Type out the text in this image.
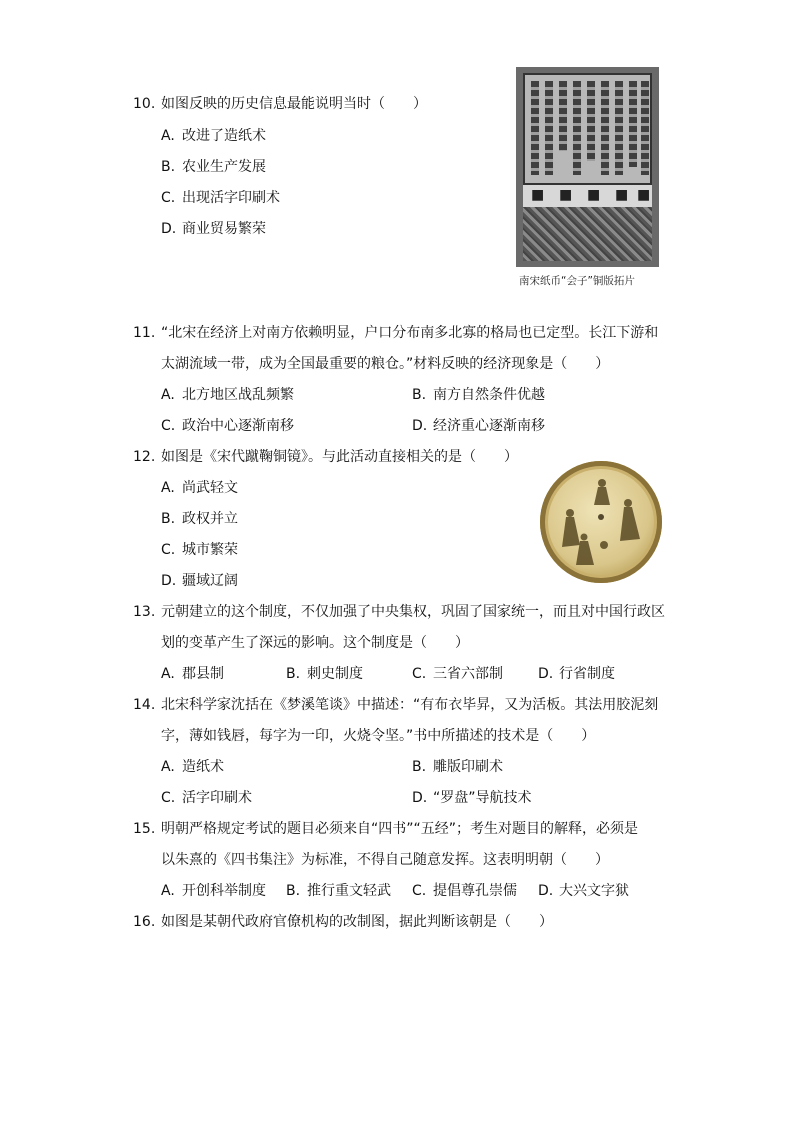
10. 如图反映的历史信息最能说明当时（　　）
A. 改进了造纸术
B. 农业生产发展
C. 出现活字印刷术
D. 商业贸易繁荣
■ ■ ■ ■ ■
南宋纸币“会子”铜版拓片
11. “北宋在经济上对南方依赖明显，户口分布南多北寡的格局也已定型。长江下游和
太湖流域一带，成为全国最重要的粮仓。”材料反映的经济现象是（　　）
A. 北方地区战乱频繁	B. 南方自然条件优越
C. 政治中心逐渐南移	D. 经济重心逐渐南移
12. 如图是《宋代蹴鞠铜镜》。与此活动直接相关的是（　　）
A. 尚武轻文
B. 政权并立
C. 城市繁荣
D. 疆域辽阔
13. 元朝建立的这个制度，不仅加强了中央集权，巩固了国家统一，而且对中国行政区
划的变革产生了深远的影响。这个制度是（　　）
A. 郡县制	B. 刺史制度	C. 三省六部制	D. 行省制度
14. 北宋科学家沈括在《梦溪笔谈》中描述：“有布衣毕昇，又为活板。其法用胶泥刻
字，薄如钱唇，每字为一印，火烧令坚。”书中所描述的技术是（　　）
A. 造纸术	B. 雕版印刷术
C. 活字印刷术	D. “罗盘”导航技术
15. 明朝严格规定考试的题目必须来自“四书”“五经”；考生对题目的解释，必须是
以朱熹的《四书集注》为标准，不得自己随意发挥。这表明明朝（　　）
A. 开创科举制度 B. 推行重文轻武 C. 提倡尊孔崇儒 D. 大兴文字狱
16. 如图是某朝代政府官僚机构的改制图，据此判断该朝是（　　）
